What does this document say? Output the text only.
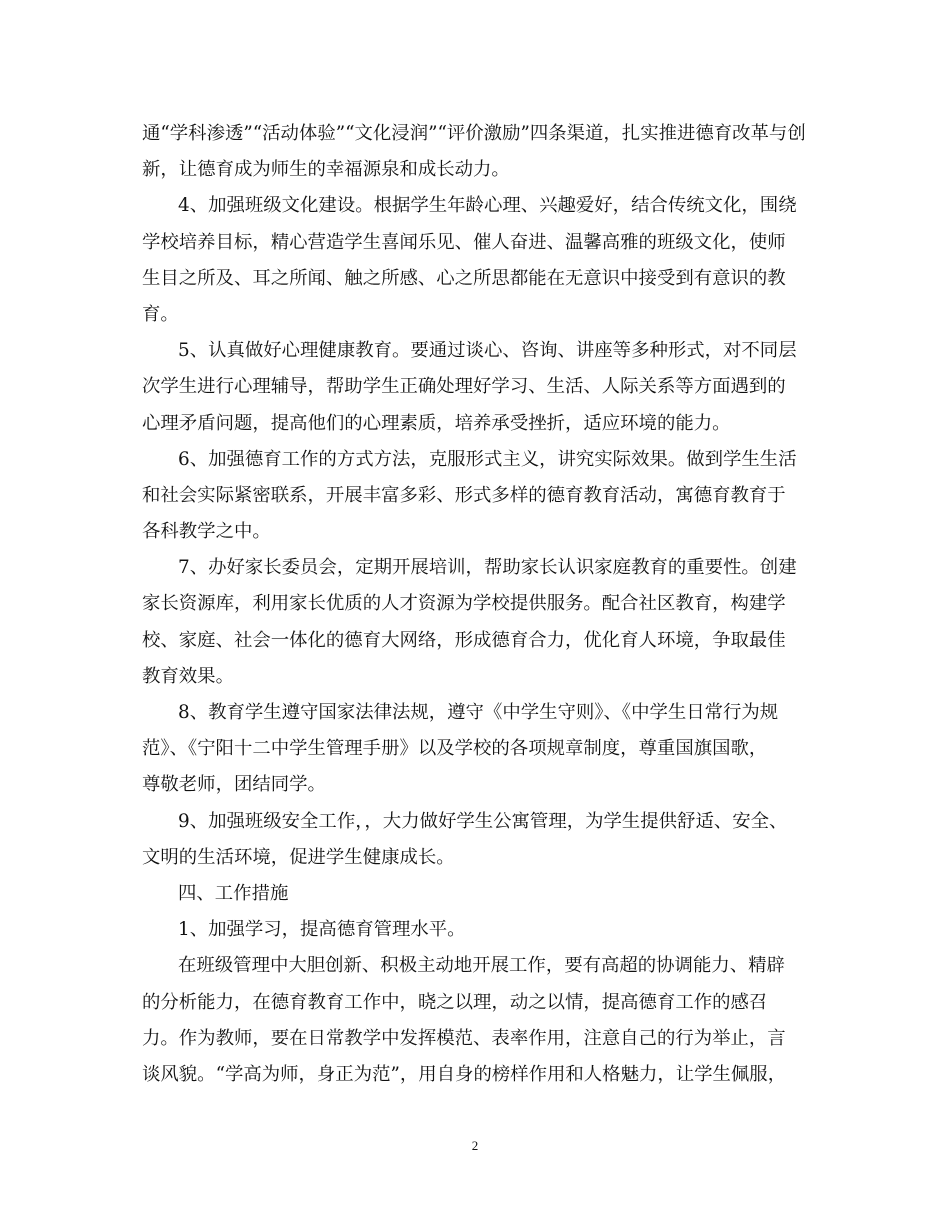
通“学科渗透”“活动体验”“文化浸润”“评价激励”四条渠道，扎实推进德育改革与创
新，让德育成为师生的幸福源泉和成长动力。
4、加强班级文化建设。根据学生年龄心理、兴趣爱好，结合传统文化，围绕
学校培养目标，精心营造学生喜闻乐见、催人奋进、温馨高雅的班级文化，使师
生目之所及、耳之所闻、触之所感、心之所思都能在无意识中接受到有意识的教
育。
5、认真做好心理健康教育。要通过谈心、咨询、讲座等多种形式，对不同层
次学生进行心理辅导，帮助学生正确处理好学习、生活、人际关系等方面遇到的
心理矛盾问题，提高他们的心理素质，培养承受挫折，适应环境的能力。
6、加强德育工作的方式方法，克服形式主义，讲究实际效果。做到学生生活
和社会实际紧密联系，开展丰富多彩、形式多样的德育教育活动，寓德育教育于
各科教学之中。
7、办好家长委员会，定期开展培训，帮助家长认识家庭教育的重要性。创建
家长资源库，利用家长优质的人才资源为学校提供服务。配合社区教育，构建学
校、家庭、社会一体化的德育大网络，形成德育合力，优化育人环境，争取最佳
教育效果。
8、教育学生遵守国家法律法规，遵守《中学生守则》、《中学生日常行为规
范》、《宁阳十二中学生管理手册》以及学校的各项规章制度，尊重国旗国歌，
尊敬老师，团结同学。
9、加强班级安全工作，，大力做好学生公寓管理，为学生提供舒适、安全、
文明的生活环境，促进学生健康成长。
四、工作措施
1、加强学习，提高德育管理水平。
在班级管理中大胆创新、积极主动地开展工作，要有高超的协调能力、精辟
的分析能力，在德育教育工作中，晓之以理，动之以情，提高德育工作的感召
力。作为教师，要在日常教学中发挥模范、表率作用，注意自己的行为举止，言
谈风貌。“学高为师，身正为范”，用自身的榜样作用和人格魅力，让学生佩服，
2
